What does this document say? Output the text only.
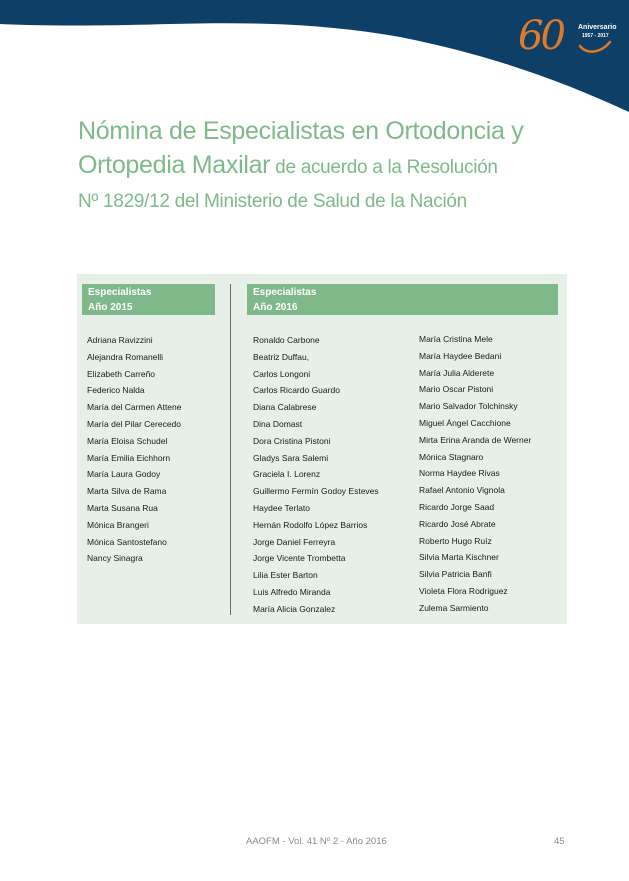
60 Aniversario
1957 - 2017
Nómina de Especialistas en Ortodoncia y
Ortopedia Maxilar de acuerdo a la Resolución
Nº 1829/12 del Ministerio de Salud de la Nación
Especialistas
Año 2015
Especialistas
Año 2016
Adriana Ravizzini
Alejandra Romanelli
Elizabeth Carreño
Federico Nalda
María del Carmen Attene
María del Pilar Cerecedo
María Eloisa Schudel
María Emilia Eichhorn
María Laura Godoy
Marta Silva de Rama
Marta Susana Rua
Mónica Brangeri
Mónica Santostefano
Nancy Sinagra
Ronaldo Carbone
Beatriz Duffau,
Carlos Longoni
Carlos Ricardo Guardo
Diana Calabrese
Dina Domast
Dora Cristina Pistoni
Gladys Sara Salemi
Graciela I. Lorenz
Guillermo Fermín Godoy Esteves
Haydee Terlato
Hernán Rodolfo López Barrios
Jorge Daniel Ferreyra
Jorge Vicente Trombetta
Lilia Ester Barton
Luis Alfredo Miranda
María Alicia Gonzalez
María Cristina Mele
María Haydee Bedani
María Julia Alderete
Mario Oscar Pistoni
Mario Salvador Tolchinsky
Miguel Ángel Cacchione
Mirta Erina Aranda de Werner
Mónica Stagnaro
Norma Haydee Rivas
Rafael Antonio Vignola
Ricardo Jorge Saad
Ricardo José Abrate
Roberto Hugo Ruíz
Silvia Marta Kischner
Silvia Patricia Banfi
Violeta Flora Rodriguez
Zulema Sarmiento
AAOFM - Vol. 41 Nº 2 - Año 2016	45
